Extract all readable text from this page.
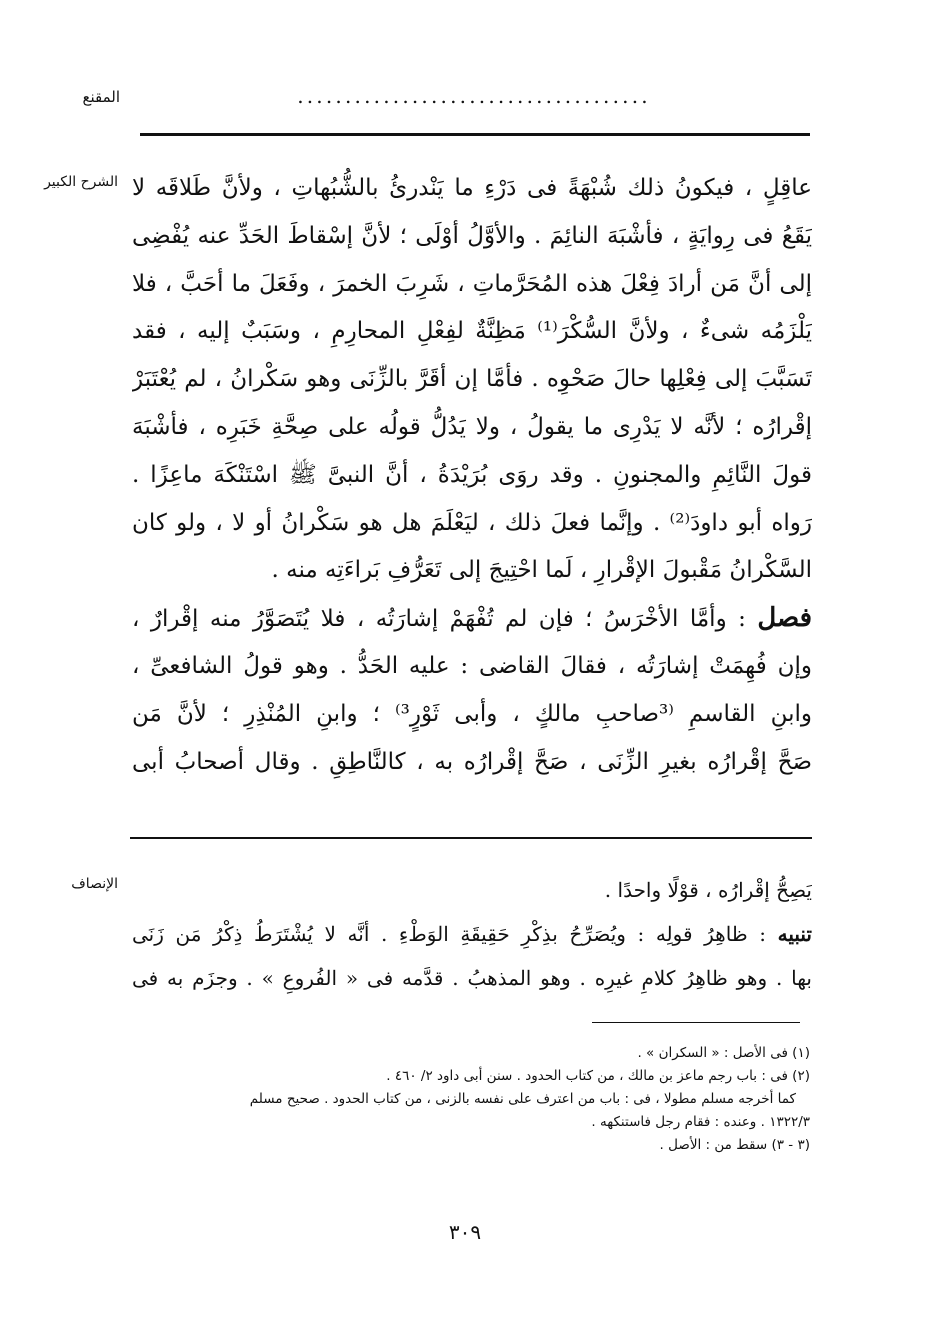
المقنع	.....................................
الشرح الكبير عاقِلٍ ، فيكونُ ذلك شُبْهَةً فى دَرْءِ ما يَنْدرئُ بالشُّبُهاتِ ، ولأنَّ طَلاقَه لا
يَقَعُ فى رِوايَةٍ ، فأشْبَهَ النائِمَ . والأوَّلُ أوْلَى ؛ لأنَّ إسْقاطَ الحَدِّ عنه يُفْضِى
إلى أنَّ مَن أرادَ فِعْلَ هذه المُحَرَّماتِ ، شَرِبَ الخمرَ ، وفَعَلَ ما أحَبَّ ، فلا
يَلْزَمُه شىءٌ ، ولأنَّ السُّكْرَ⁽¹⁾ مَظِنَّةٌ لفِعْلِ المحارِمِ ، وسَبَبٌ إليه ، فقد
تَسَبَّبَ إلى فِعْلِها حالَ صَحْوِه . فأمَّا إن أقَرَّ بالزِّنَى وهو سَكْرانُ ، لم يُعْتَبَرْ
إقْرارُه ؛ لأنَّه لا يَدْرِى ما يقولُ ، ولا يَدُلُّ قولُه على صِحَّةِ خَبَرِه ، فأشْبَهَ
قولَ النَّائِمِ والمجنونِ . وقد روَى بُرَيْدَةُ ، أنَّ النبىَّ ﷺ اسْتَنْكَهَ ماعِزًا .
رَواه أبو داودَ⁽²⁾ . وإنَّما فعلَ ذلك ، ليَعْلَمَ هل هو سَكْرانُ أو لا ، ولو كان
السَّكْرانُ مَقْبولَ الإقْرارِ ، لَما احْتِيجَ إلى تَعَرُّفِ بَراءَتِه منه .
فصل : وأمَّا الأخْرَسُ ؛ فإن لم تُفْهَمْ إشارَتُه ، فلا يُتَصَوَّرُ منه إقْرارٌ ،
وإن فُهِمَتْ إشارَتُه ، فقالَ القاضى : عليه الحَدُّ . وهو قولُ الشافعىِّ ،
وابنِ القاسمِ ⁽³صاحبِ مالكٍ ، وأبى ثَوْرٍ³⁾ ؛ وابنِ المُنْذِرِ ؛ لأنَّ مَن
صَحَّ إقْرارُه بغيرِ الزِّنَى ، صَحَّ إقْرارُه به ، كالنَّاطِقِ . وقال أصحابُ أبى
الإنصاف	يَصِحُّ إقْرارُه ، قوْلًا واحدًا .
تنبيه : ظاهِرُ قولِه : ويُصَرِّحُ بذِكْرِ حَقِيقَةِ الوَطْءِ . أنَّه لا يُشْتَرَطُ ذِكْرُ مَن زَنَى
بها . وهو ظاهِرُ كلامِ غيرِه . وهو المذهبُ . قدَّمه فى « الفُروعِ » . وجزَم به فى
(١) فى الأصل : « السكران » .
(٢) فى : باب رجم ماعز بن مالك ، من كتاب الحدود . سنن أبى داود ٢/ ٤٦٠ .
كما أخرجه مسلم مطولا ، فى : باب من اعترف على نفسه بالزنى ، من كتاب الحدود . صحيح مسلم
١٣٢٢/٣ . وعنده : فقام رجل فاستنكهه .
(٣ - ٣) سقط من : الأصل .
٣٠٩
